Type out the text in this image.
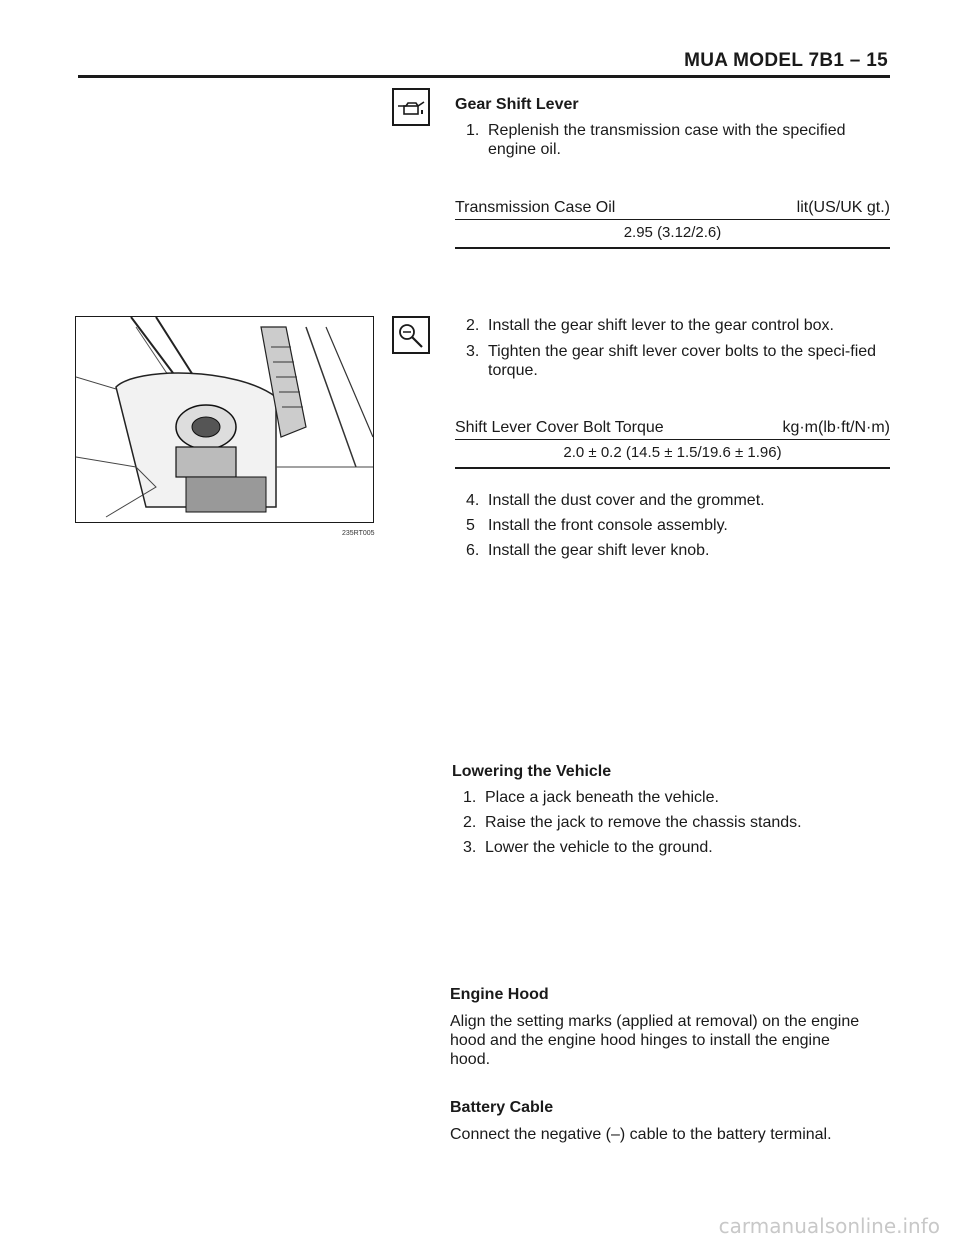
MUA MODEL 7B1 – 15
Gear Shift Lever
1. Replenish the transmission case with the specified engine oil.
Transmission Case Oil	lit(US/UK gt.)
2.95 (3.12/2.6)
235RT005
2. Install the gear shift lever to the gear control box.
3. Tighten the gear shift lever cover bolts to the speci-fied torque.
Shift Lever Cover Bolt Torque	kg·m(lb·ft/N·m)
2.0 ± 0.2 (14.5 ± 1.5/19.6 ± 1.96)
4. Install the dust cover and the grommet.
5 Install the front console assembly.
6. Install the gear shift lever knob.
Lowering the Vehicle
1. Place a jack beneath the vehicle.
2. Raise the jack to remove the chassis stands.
3. Lower the vehicle to the ground.
Engine Hood
Align the setting marks (applied at removal) on the engine hood and the engine hood hinges to install the engine hood.
Battery Cable
Connect the negative (–) cable to the battery terminal.
carmanualsonline.info
